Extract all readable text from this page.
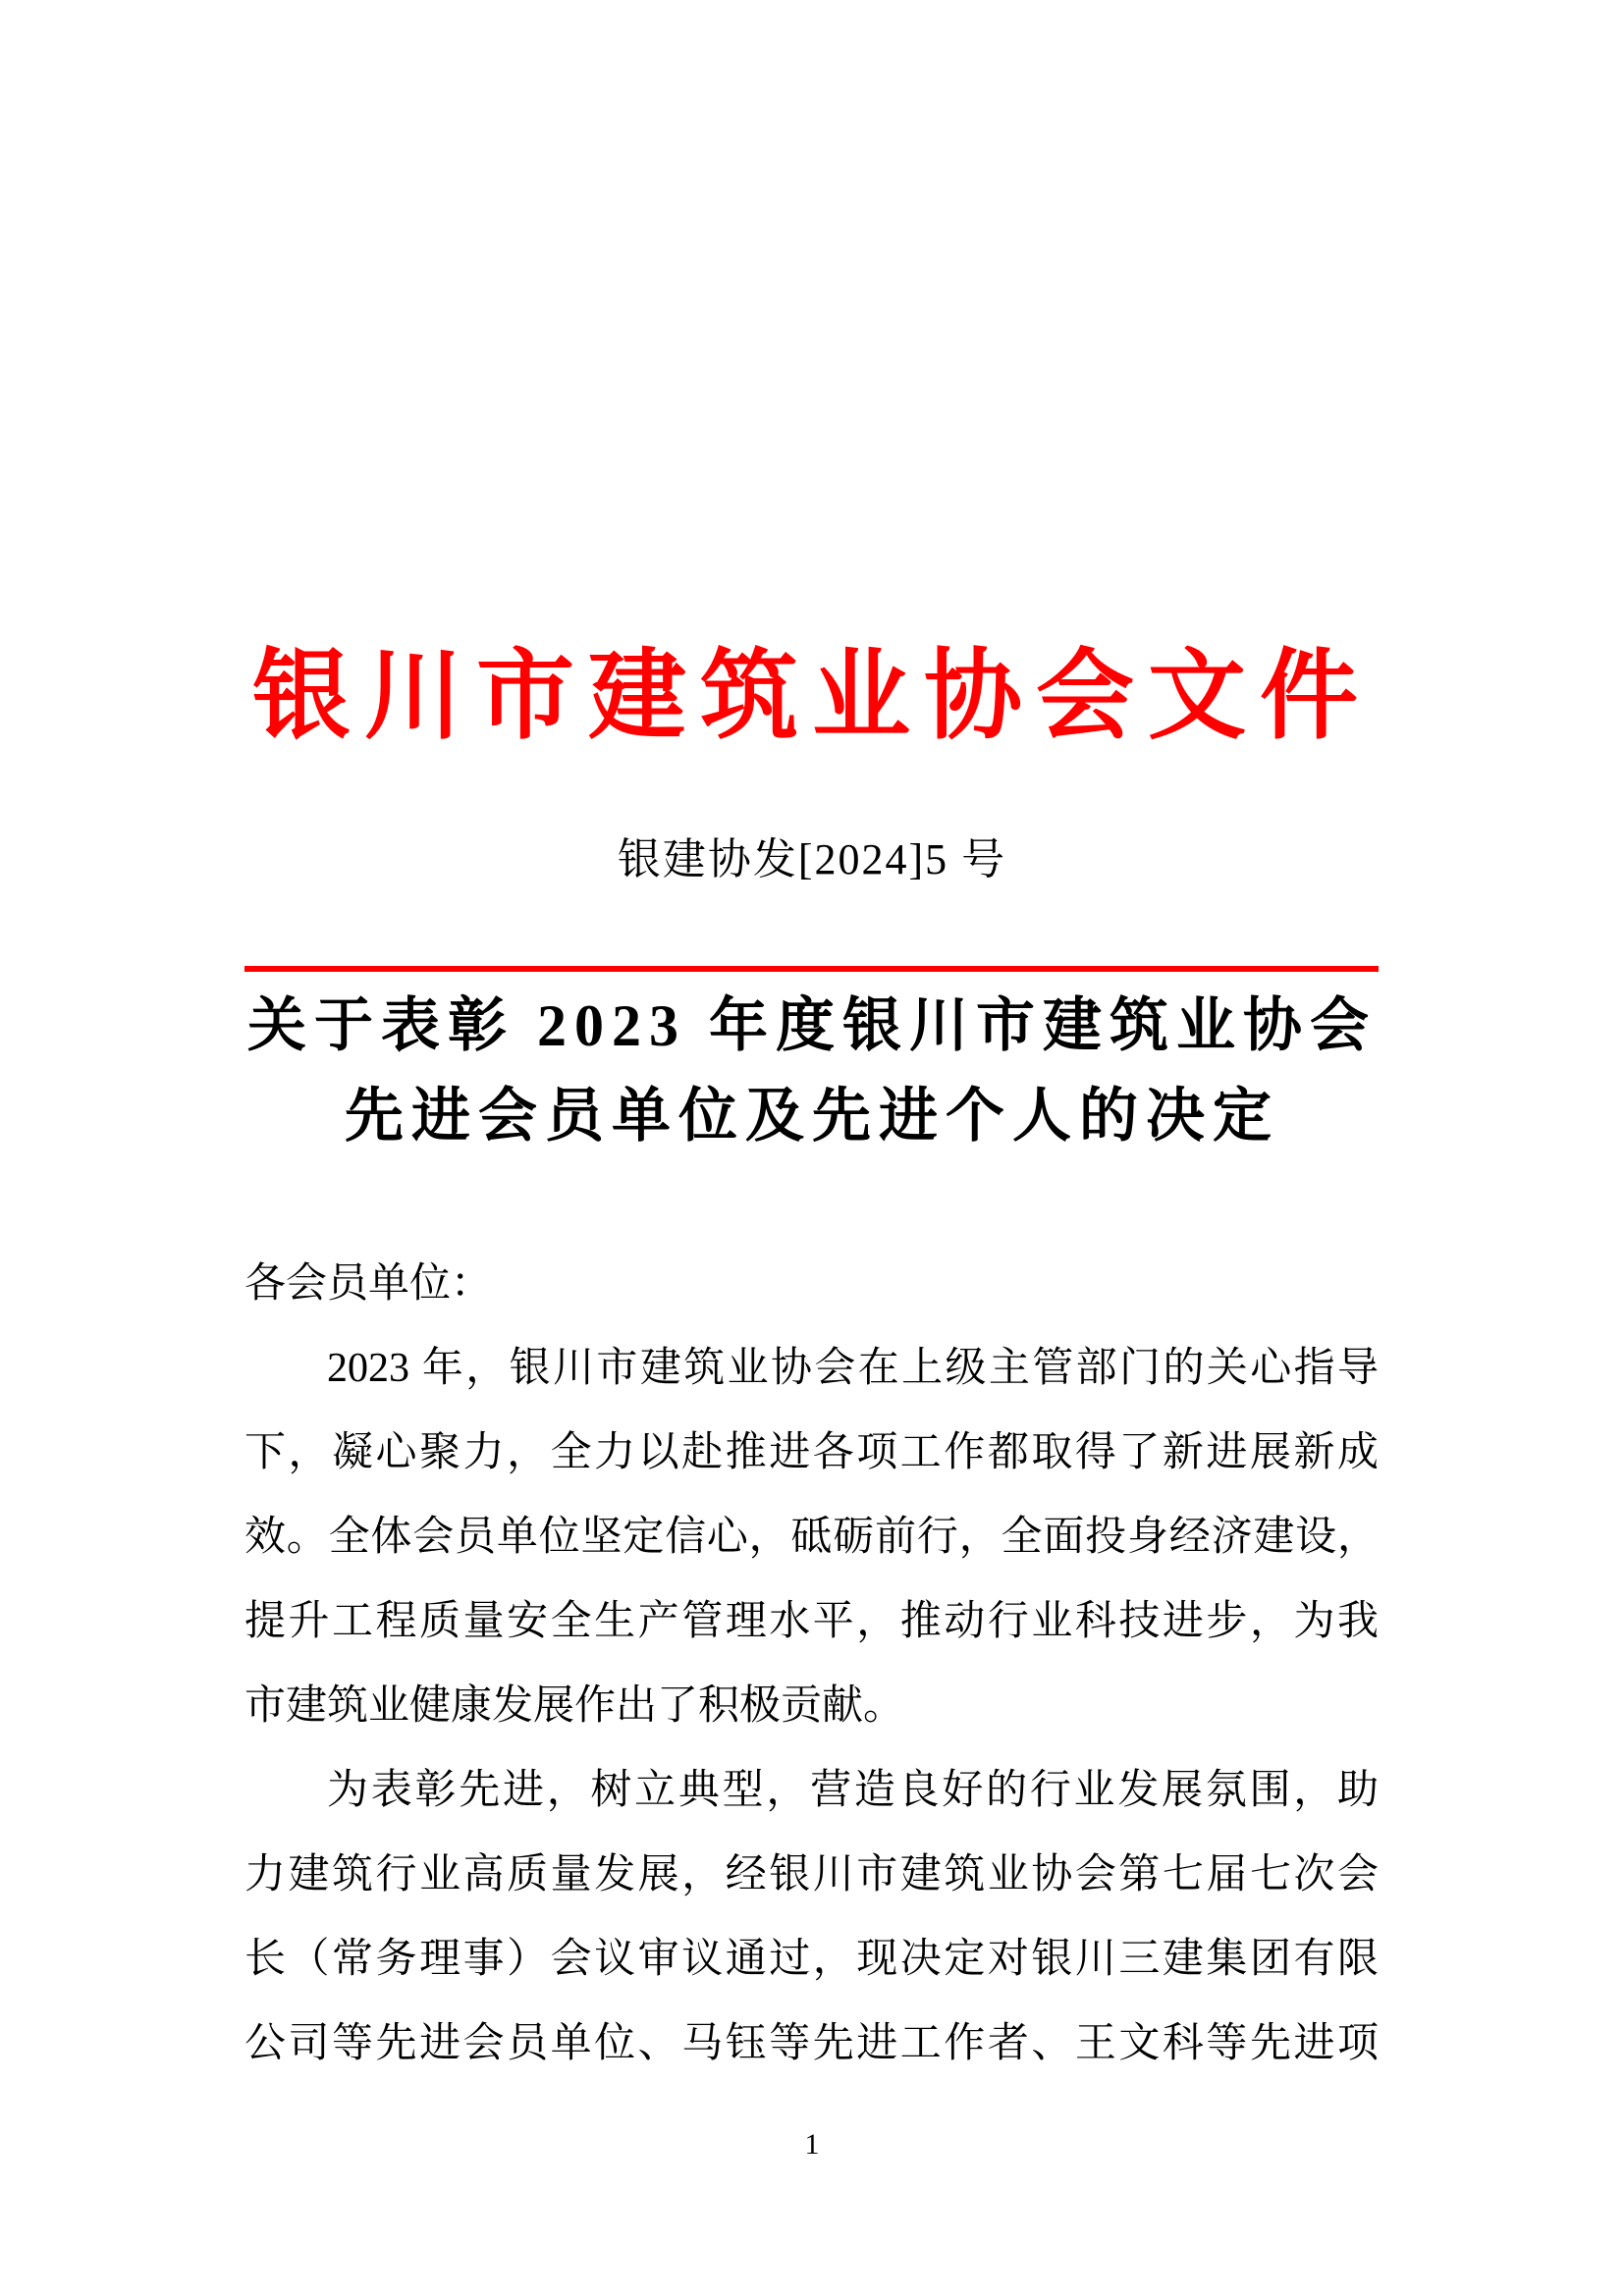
银川市建筑业协会文件
银建协发[2024]5 号
关于表彰 2023 年度银川市建筑业协会
先进会员单位及先进个人的决定
各会员单位：
2023 年，银川市建筑业协会在上级主管部门的关心指导
下，凝心聚力，全力以赴推进各项工作都取得了新进展新成
效。全体会员单位坚定信心，砥砺前行，全面投身经济建设，
提升工程质量安全生产管理水平，推动行业科技进步，为我
市建筑业健康发展作出了积极贡献。
为表彰先进，树立典型，营造良好的行业发展氛围，助
力建筑行业高质量发展，经银川市建筑业协会第七届七次会
长（常务理事）会议审议通过，现决定对银川三建集团有限
公司等先进会员单位、马钰等先进工作者、王文科等先进项
1
